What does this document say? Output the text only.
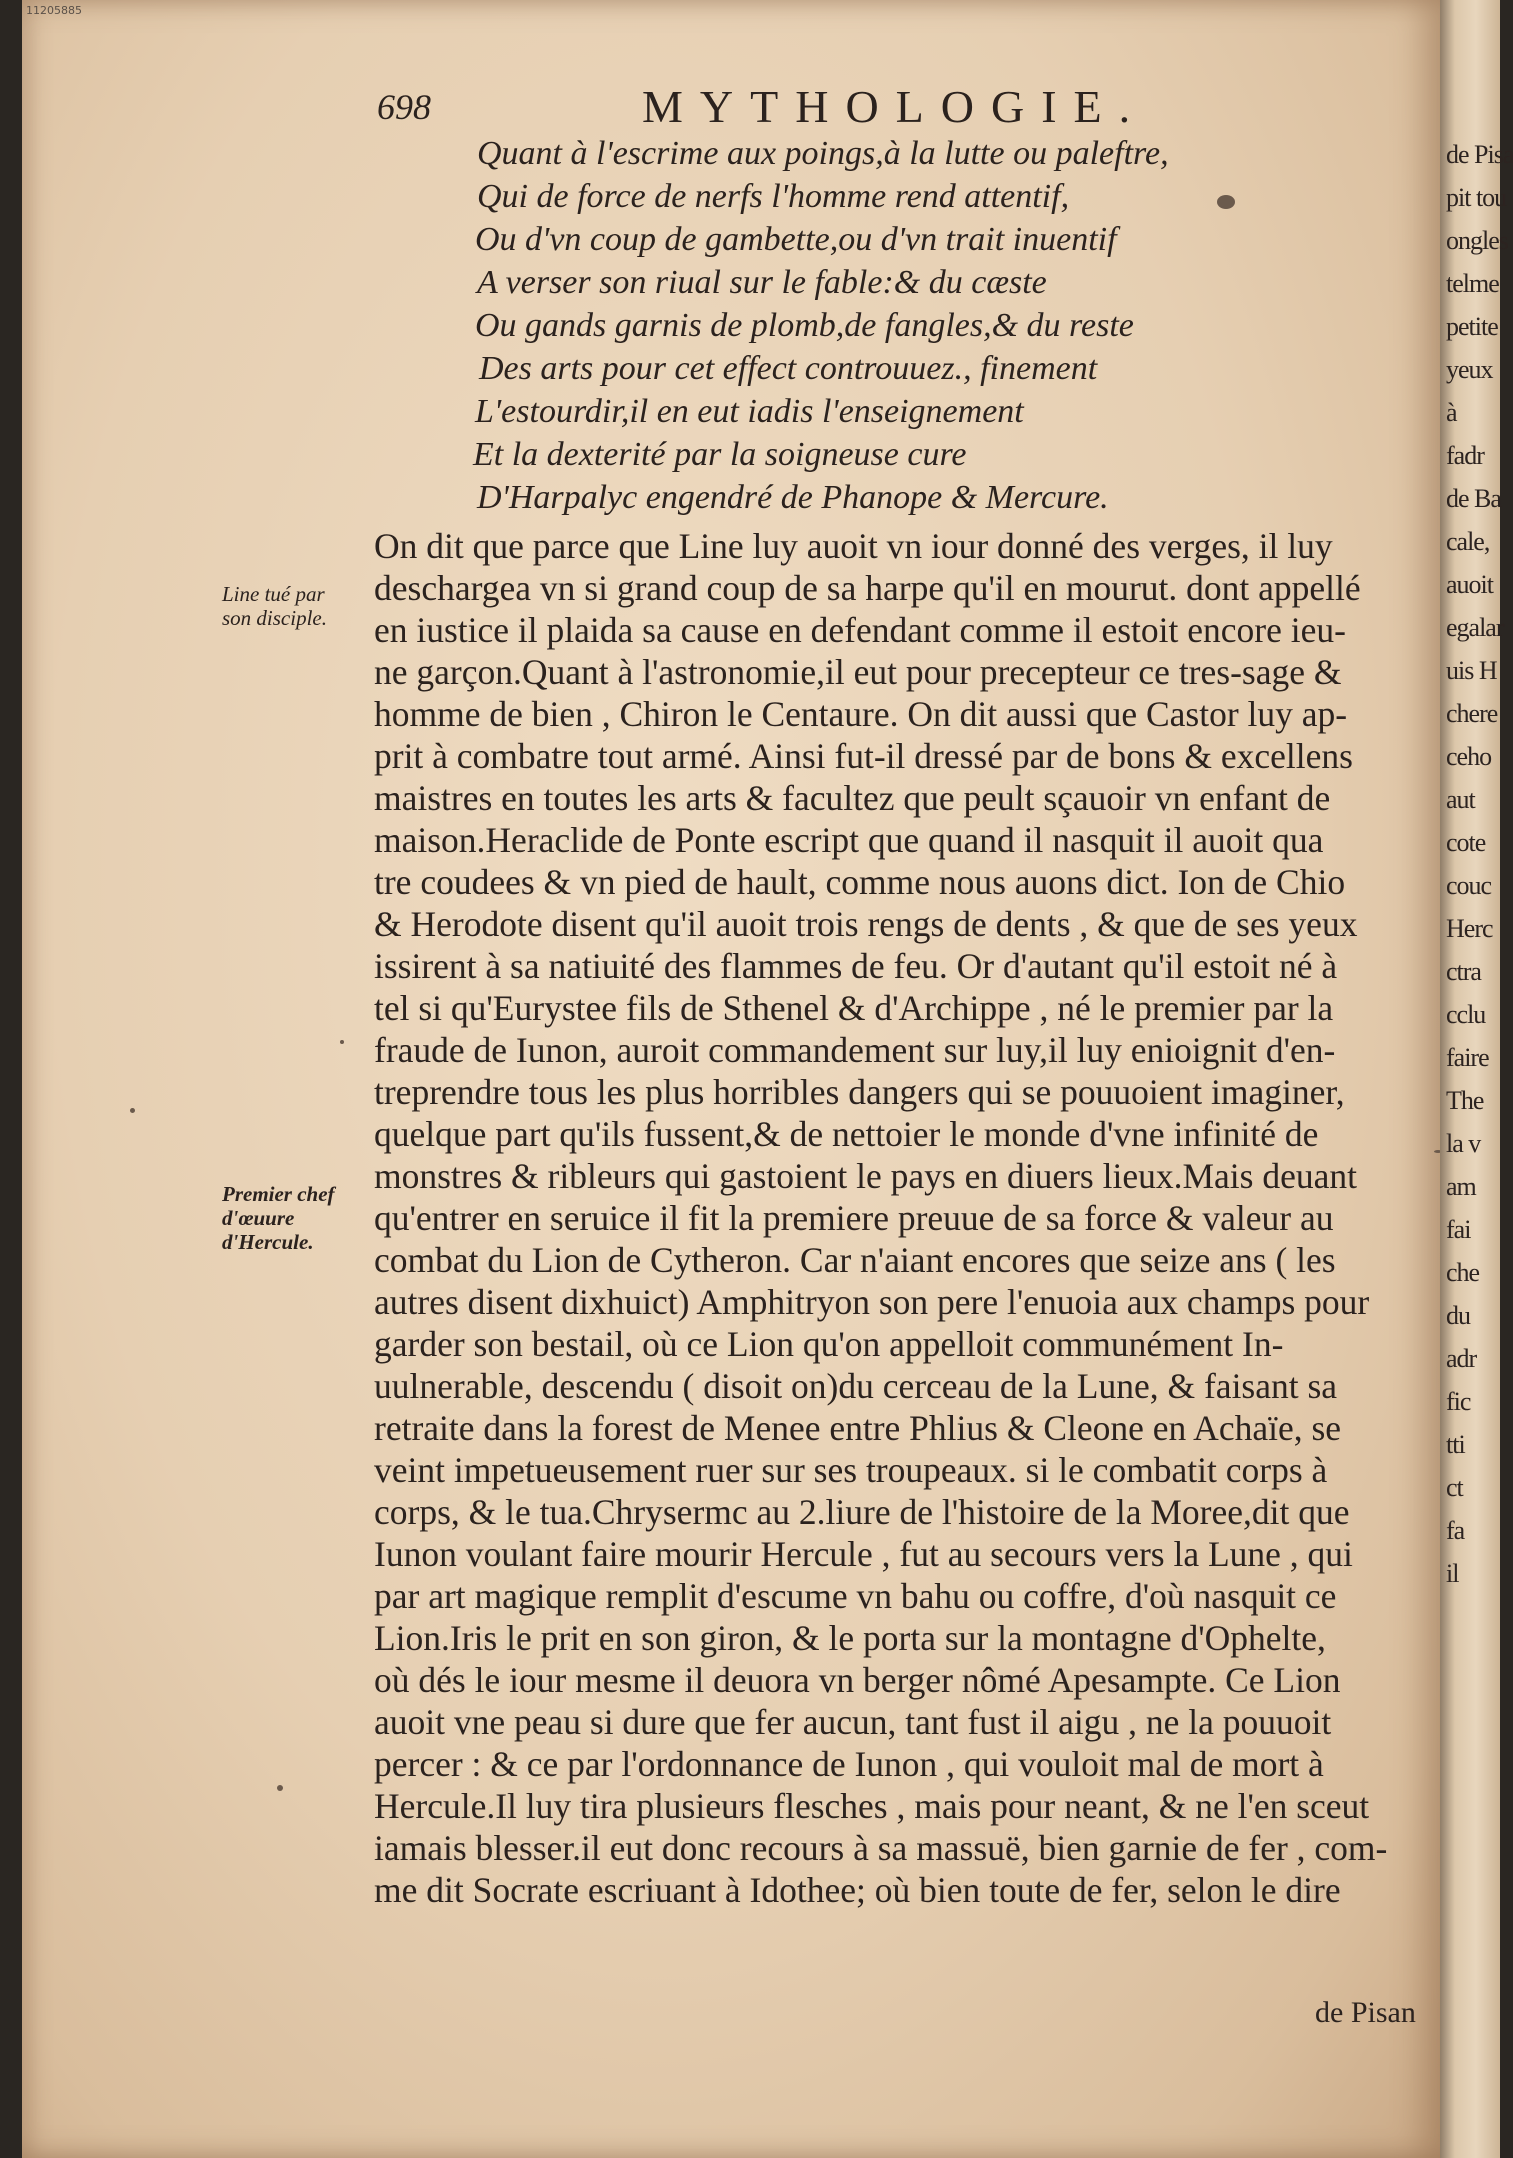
11205885
698	MYTHOLOGIE.
Quant à l'escrime aux poings,à la lutte ou paleftre,
Qui de force de nerfs l'homme rend attentif,
Ou d'vn coup de gambette,ou d'vn trait inuentif
A verser son riual sur le fable:& du cæste
Ou gands garnis de plomb,de fangles,& du reste
Des arts pour cet effect controuuez., finement
L'estourdir,il en eut iadis l'enseignement
Et la dexterité par la soigneuse cure
D'Harpalyc engendré de Phanope & Mercure.
Line tué par
son disciple.
Premier chef
d'œuure
d'Hercule.
On dit que parce que Line luy auoit vn iour donné des verges, il luy
deschargea vn si grand coup de sa harpe qu'il en mourut. dont appellé
en iustice il plaida sa cause en defendant comme il estoit encore ieu-
ne garçon.Quant à l'astronomie,il eut pour precepteur ce tres-sage &
homme de bien , Chiron le Centaure. On dit aussi que Castor luy ap-
prit à combatre tout armé. Ainsi fut-il dressé par de bons & excellens
maistres en toutes les arts & facultez que peult sçauoir vn enfant de
maison.Heraclide de Ponte escript que quand il nasquit il auoit qua
tre coudees & vn pied de hault, comme nous auons dict. Ion de Chio
& Herodote disent qu'il auoit trois rengs de dents , & que de ses yeux
issirent à sa natiuité des flammes de feu. Or d'autant qu'il estoit né à
tel si qu'Eurystee fils de Sthenel & d'Archippe , né le premier par la
fraude de Iunon, auroit commandement sur luy,il luy enioignit d'en-
treprendre tous les plus horribles dangers qui se pouuoient imaginer,
quelque part qu'ils fussent,& de nettoier le monde d'vne infinité de
monstres & ribleurs qui gastoient le pays en diuers lieux.Mais deuant
qu'entrer en seruice il fit la premiere preuue de sa force & valeur au
combat du Lion de Cytheron. Car n'aiant encores que seize ans ( les
autres disent dixhuict) Amphitryon son pere l'enuoia aux champs pour
garder son bestail, où ce Lion qu'on appelloit communément In-
uulnerable, descendu ( disoit on)du cerceau de la Lune, & faisant sa
retraite dans la forest de Menee entre Phlius & Cleone en Achaïe, se
veint impetueusement ruer sur ses troupeaux. si le combatit corps à
corps, & le tua.Chrysermc au 2.liure de l'histoire de la Moree,dit que
Iunon voulant faire mourir Hercule , fut au secours vers la Lune , qui
par art magique remplit d'escume vn bahu ou coffre, d'où nasquit ce
Lion.Iris le prit en son giron, & le porta sur la montagne d'Ophelte,
où dés le iour mesme il deuora vn berger nômé Apesampte. Ce Lion
auoit vne peau si dure que fer aucun, tant fust il aigu , ne la pouuoit
percer : & ce par l'ordonnance de Iunon , qui vouloit mal de mort à
Hercule.Il luy tira plusieurs flesches , mais pour neant, & ne l'en sceut
iamais blesser.il eut donc recours à sa massuë, bien garnie de fer , com-
me dit Socrate escriuant à Idothee; où bien toute de fer, selon le dire
de Pisan
de Pisa
pit tou
ongles
telme
petite
yeux
à
fadr
de Ba
cale,
auoit
egalar
uis H
chere
ceho
aut
cote
couc
Herc
ctra
cclu
faire
The
la v
am
fai
che
du
adr
fic
tti
ct
fa
il
